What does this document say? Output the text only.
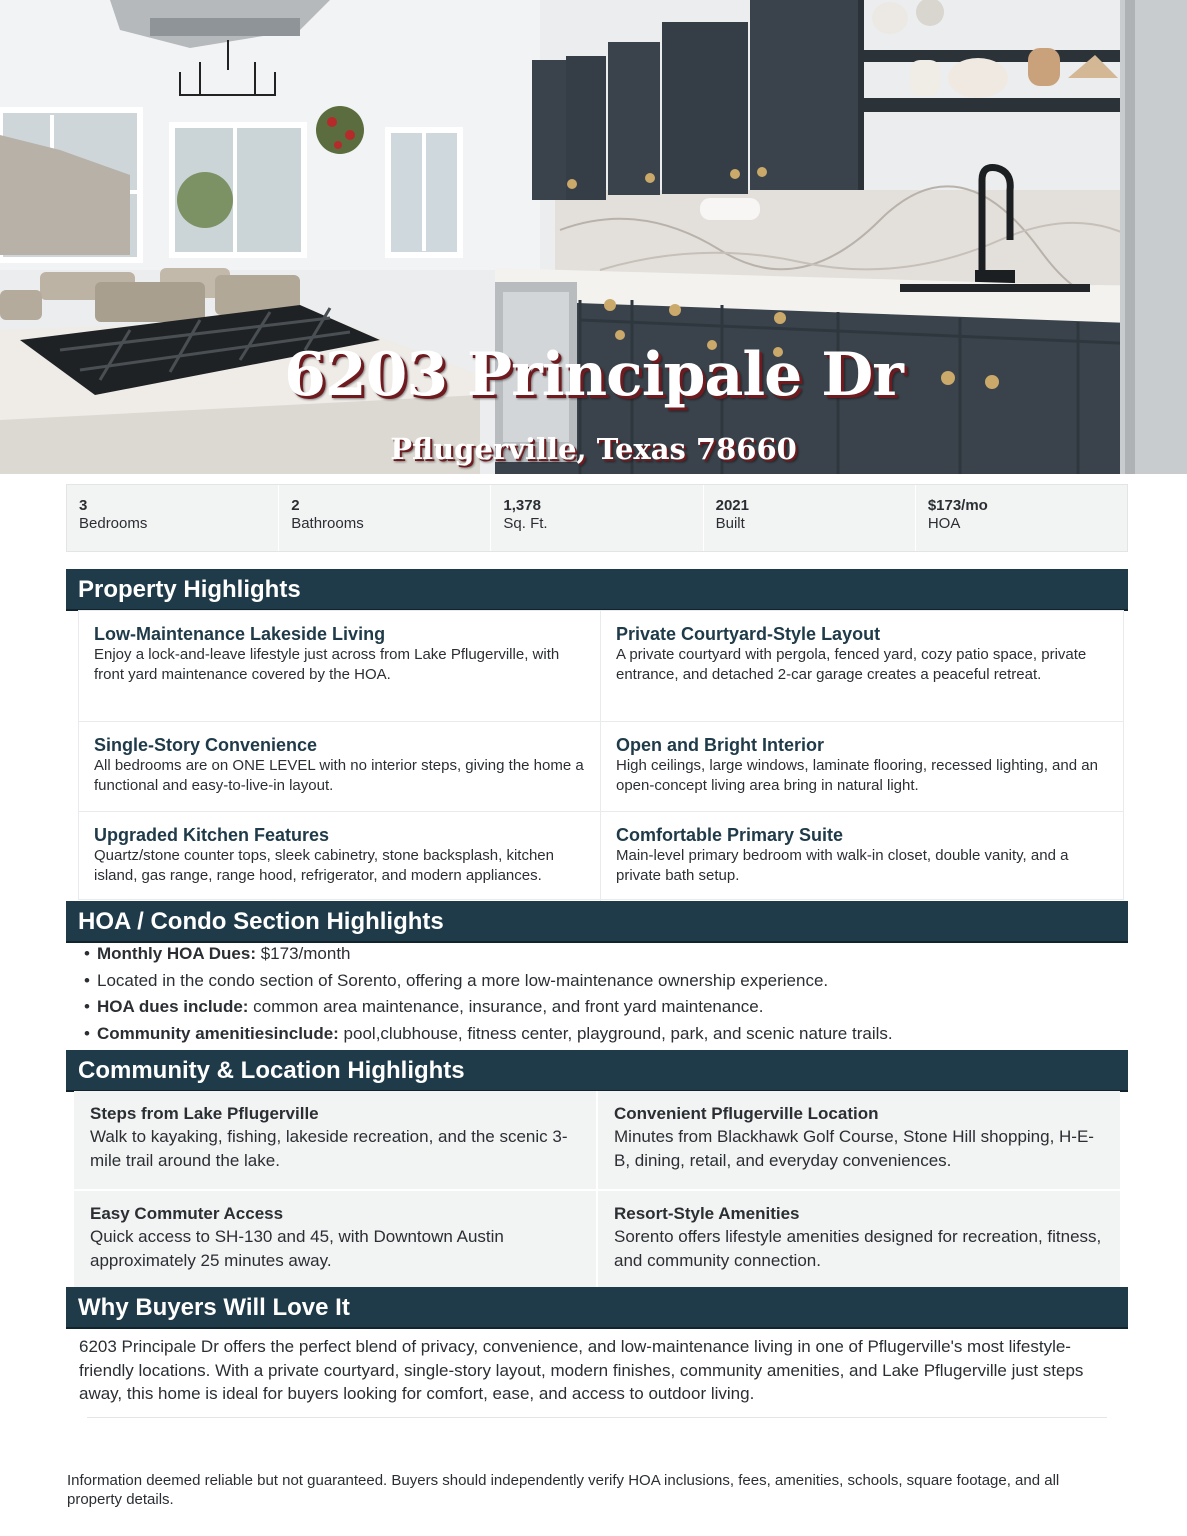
6203 Principale Dr
Pflugerville, Texas 78660
3
Bedrooms
2
Bathrooms
1,378
Sq. Ft.
2021
Built
$173/mo
HOA
Property Highlights
Low-Maintenance Lakeside Living
Enjoy a lock-and-leave lifestyle just across from Lake Pflugerville, with front yard maintenance covered by the HOA.
Private Courtyard-Style Layout
A private courtyard with pergola, fenced yard, cozy patio space, private entrance, and detached 2-car garage creates a peaceful retreat.
Single-Story Convenience
All bedrooms are on ONE LEVEL with no interior steps, giving the home a functional and easy-to-live-in layout.
Open and Bright Interior
High ceilings, large windows, laminate flooring, recessed lighting, and an open-concept living area bring in natural light.
Upgraded Kitchen Features
Quartz/stone counter tops, sleek cabinetry, stone backsplash, kitchen island, gas range, range hood, refrigerator, and modern appliances.
Comfortable Primary Suite
Main-level primary bedroom with walk-in closet, double vanity, and a private bath setup.
HOA / Condo Section Highlights
• Monthly HOA Dues: $173/month
• Located in the condo section of Sorento, offering a more low-maintenance ownership experience.
• HOA dues include: common area maintenance, insurance, and front yard maintenance.
• Community amenitiesinclude: pool,clubhouse, fitness center, playground, park, and scenic nature trails.
Community & Location Highlights
Steps from Lake Pflugerville
Walk to kayaking, fishing, lakeside recreation, and the scenic 3-mile trail around the lake.
Convenient Pflugerville Location
Minutes from Blackhawk Golf Course, Stone Hill shopping, H-E-B, dining, retail, and everyday conveniences.
Easy Commuter Access
Quick access to SH-130 and 45, with Downtown Austin approximately 25 minutes away.
Resort-Style Amenities
Sorento offers lifestyle amenities designed for recreation, fitness, and community connection.
Why Buyers Will Love It
6203 Principale Dr offers the perfect blend of privacy, convenience, and low-maintenance living in one of Pflugerville's most lifestyle-friendly locations. With a private courtyard, single-story layout, modern finishes, community amenities, and Lake Pflugerville just steps away, this home is ideal for buyers looking for comfort, ease, and access to outdoor living.
Information deemed reliable but not guaranteed. Buyers should independently verify HOA inclusions, fees, amenities, schools, square footage, and all property details.
